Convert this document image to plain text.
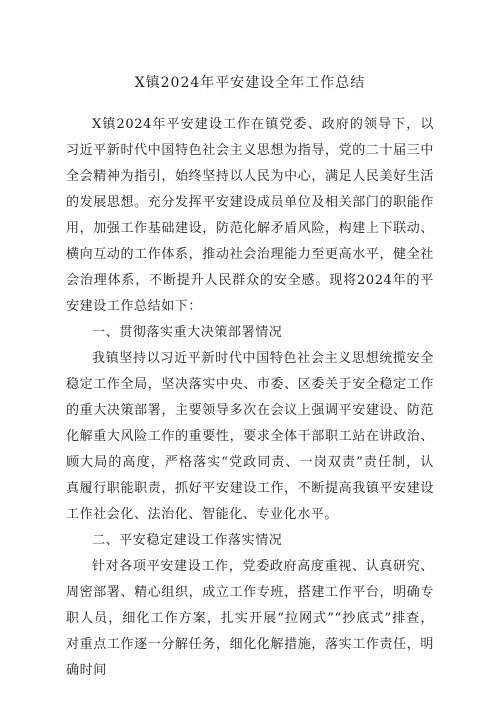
X镇2024年平安建设全年工作总结

X镇2024年平安建设工作在镇党委、政府的领导下，以习近平新时代中国特色社会主义思想为指导，党的二十届三中全会精神为指引，始终坚持以人民为中心，满足人民美好生活的发展思想。充分发挥平安建设成员单位及相关部门的职能作用，加强工作基础建设，防范化解矛盾风险，构建上下联动、横向互动的工作体系，推动社会治理能力至更高水平，健全社会治理体系，不断提升人民群众的安全感。现将2024年的平安建设工作总结如下：

一、贯彻落实重大决策部署情况

我镇坚持以习近平新时代中国特色社会主义思想统揽安全稳定工作全局，坚决落实中央、市委、区委关于安全稳定工作的重大决策部署，主要领导多次在会议上强调平安建设、防范化解重大风险工作的重要性，要求全体干部职工站在讲政治、顾大局的高度，严格落实“党政同责、一岗双责”责任制，认真履行职能职责，抓好平安建设工作，不断提高我镇平安建设工作社会化、法治化、智能化、专业化水平。

二、平安稳定建设工作落实情况

针对各项平安建设工作，党委政府高度重视、认真研究、周密部署、精心组织，成立工作专班，搭建工作平台，明确专职人员，细化工作方案，扎实开展“拉网式”“抄底式”排查，对重点工作逐一分解任务，细化化解措施，落实工作责任，明确时间
